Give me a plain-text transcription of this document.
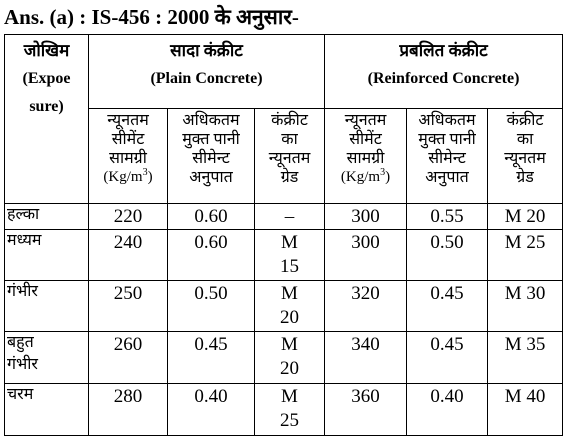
Ans. (a) : IS-456 : 2000 के अनुसार-
जोखिम
(Expoe
sure)	सादा कंक्रीट
(Plain Concrete)			प्रबलित कंक्रीट
(Reinforced Concrete)		

	न्यूनतम
सीमेंट
सामग्री
$(Kg/m^3)$	अधिकतम
मुक्त पानी
सीमेन्ट
अनुपात	कंक्रीट
का
न्यूनतम
ग्रेड	न्यूनतम
सीमेंट
सामग्री
$(Kg/m^3)$	अधिकतम
मुक्त पानी
सीमेन्ट
अनुपात	कंक्रीट
का
न्यूनतम
ग्रेड

हल्का	220	0.60	–	300	0.55	M 20

मध्यम	240	0.60	M
15	300	0.50	M 25

गंभीर	250	0.50	M
20	320	0.45	M 30

बहुत
गंभीर	260	0.45	M
20	340	0.45	M 35

चरम	280	0.40	M
25	360	0.40	M 40
